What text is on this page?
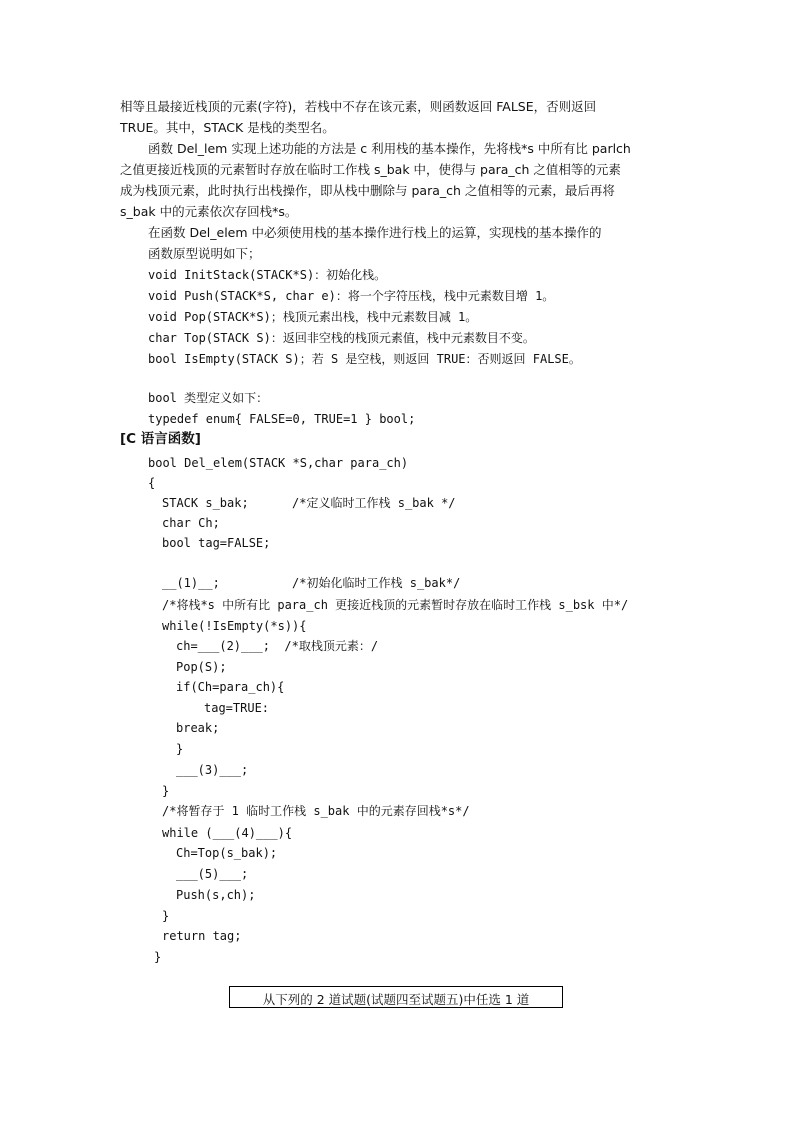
相等且最接近栈顶的元素(字符)，若栈中不存在该元素，则函数返回 FALSE，否则返回
TRUE。其中，STACK 是栈的类型名。
函数 Del_lem 实现上述功能的方法是 c 利用栈的基本操作，先将栈*s 中所有比 parlch
之值更接近栈顶的元素暂时存放在临时工作栈 s_bak 中，使得与 para_ch 之值相等的元素
成为栈顶元素，此时执行出栈操作，即从栈中删除与 para_ch 之值相等的元素，最后再将
s_bak 中的元素依次存回栈*s。
在函数 Del_elem 中必须使用栈的基本操作进行栈上的运算，实现栈的基本操作的
函数原型说明如下；
void InitStack(STACK*S)：初始化栈。
void Push(STACK*S, char e)：将一个字符压栈，栈中元素数目增 1。
void Pop(STACK*S)；栈顶元素出栈，栈中元素数目减 1。
char Top(STACK S)：返回非空栈的栈顶元素值，栈中元素数目不变。
bool IsEmpty(STACK S)；若 S 是空栈，则返回 TRUE：否则返回 FALSE。
bool 类型定义如下：
typedef enum{ FALSE=0, TRUE=1 } bool;
[C 语言函数]
bool Del_elem(STACK *S,char para_ch)
{
STACK s_bak;      /*定义临时工作栈 s_bak */
char Ch;
bool tag=FALSE;
__(1)__;          /*初始化临时工作栈 s_bak*/
/*将栈*s 中所有比 para_ch 更接近栈顶的元素暂时存放在临时工作栈 s_bsk 中*/
while(!IsEmpty(*s)){
ch=___(2)___;  /*取栈顶元素：/
Pop(S);
if(Ch=para_ch){
tag=TRUE:
break;
}
___(3)___;
}
/*将暂存于 1 临时工作栈 s_bak 中的元素存回栈*s*/
while (___(4)___){
Ch=Top(s_bak);
___(5)___;
Push(s,ch);
}
return tag;
}
从下列的 2 道试题(试题四至试题五)中任选 1 道
